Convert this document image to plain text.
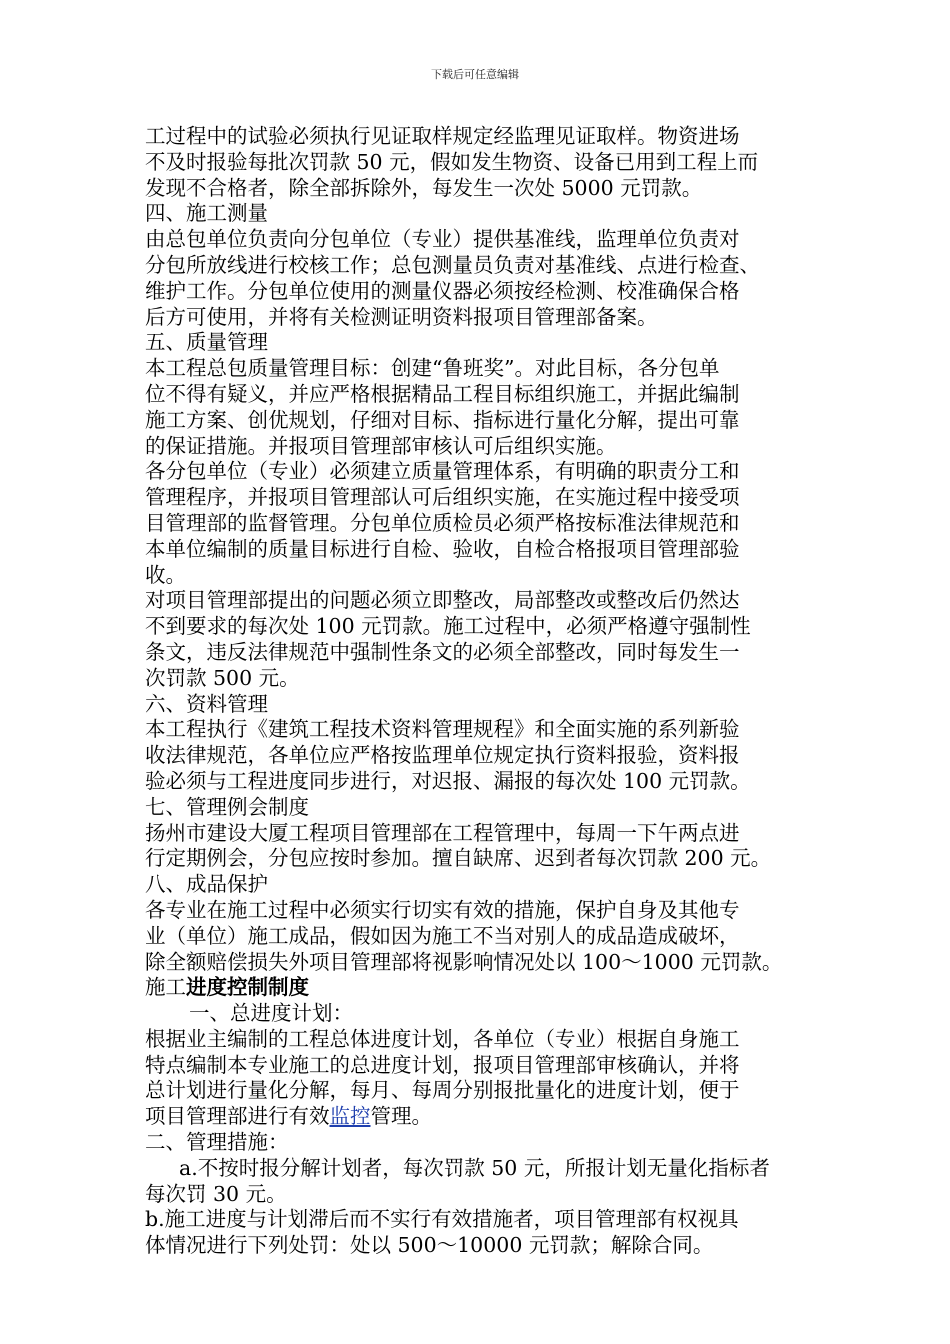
下载后可任意编辑
工过程中的试验必须执行见证取样规定经监理见证取样。物资进场
不及时报验每批次罚款 50 元，假如发生物资、设备已用到工程上而
发现不合格者，除全部拆除外，每发生一次处 5000 元罚款。
四、施工测量
由总包单位负责向分包单位（专业）提供基准线，监理单位负责对
分包所放线进行校核工作；总包测量员负责对基准线、点进行检查、
维护工作。分包单位使用的测量仪器必须按经检测、校准确保合格
后方可使用，并将有关检测证明资料报项目管理部备案。
五、质量管理
本工程总包质量管理目标：创建“鲁班奖”。对此目标，各分包单
位不得有疑义，并应严格根据精品工程目标组织施工，并据此编制
施工方案、创优规划，仔细对目标、指标进行量化分解，提出可靠
的保证措施。并报项目管理部审核认可后组织实施。
各分包单位（专业）必须建立质量管理体系，有明确的职责分工和
管理程序，并报项目管理部认可后组织实施，在实施过程中接受项
目管理部的监督管理。分包单位质检员必须严格按标准法律规范和
本单位编制的质量目标进行自检、验收，自检合格报项目管理部验
收。
对项目管理部提出的问题必须立即整改，局部整改或整改后仍然达
不到要求的每次处 100 元罚款。施工过程中，必须严格遵守强制性
条文，违反法律规范中强制性条文的必须全部整改，同时每发生一
次罚款 500 元。
六、资料管理
本工程执行《建筑工程技术资料管理规程》和全面实施的系列新验
收法律规范，各单位应严格按监理单位规定执行资料报验，资料报
验必须与工程进度同步进行，对迟报、漏报的每次处 100 元罚款。
七、管理例会制度
扬州市建设大厦工程项目管理部在工程管理中，每周一下午两点进
行定期例会，分包应按时参加。擅自缺席、迟到者每次罚款 200 元。
八、成品保护
各专业在施工过程中必须实行切实有效的措施，保护自身及其他专
业（单位）施工成品，假如因为施工不当对别人的成品造成破坏，
除全额赔偿损失外项目管理部将视影响情况处以 100～1000 元罚款。
施工进度控制制度
一、总进度计划：
根据业主编制的工程总体进度计划，各单位（专业）根据自身施工
特点编制本专业施工的总进度计划，报项目管理部审核确认，并将
总计划进行量化分解，每月、每周分别报批量化的进度计划，便于
项目管理部进行有效监控管理。
二、管理措施：
a.不按时报分解计划者，每次罚款 50 元，所报计划无量化指标者
每次罚 30 元。
b.施工进度与计划滞后而不实行有效措施者，项目管理部有权视具
体情况进行下列处罚：处以 500～10000 元罚款；解除合同。
